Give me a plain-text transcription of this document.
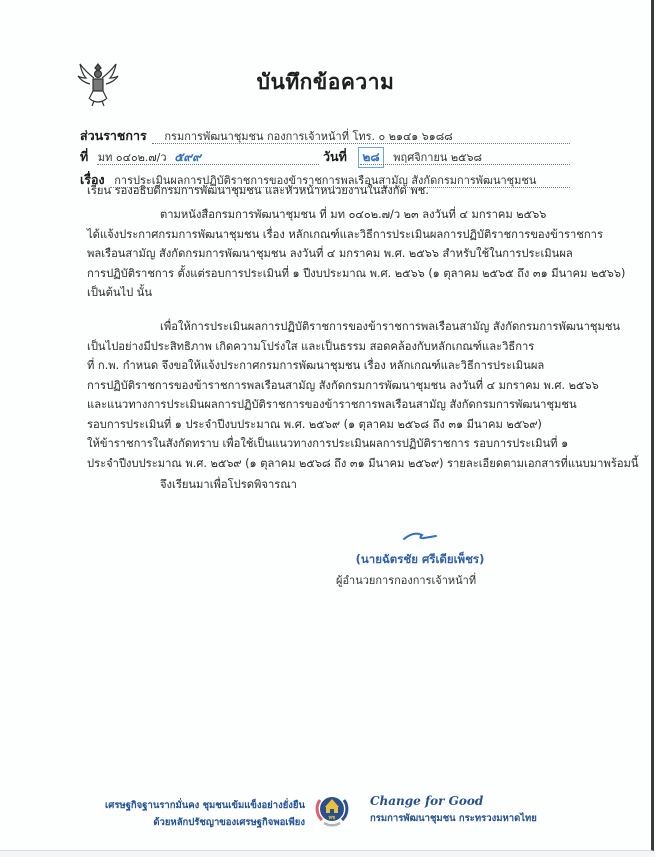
บันทึกข้อความ
ส่วนราชการ กรมการพัฒนาชุมชน กองการเจ้าหน้าที่ โทร. ๐ ๒๑๔๑ ๖๑๘๘
ที่ มท ๐๔๐๒.๗/ว ๕๙๙	วันที่ ๒๘ พฤศจิกายน ๒๕๖๘
เรื่อง การประเมินผลการปฏิบัติราชการของข้าราชการพลเรือนสามัญ สังกัดกรมการพัฒนาชุมชน

เรียน รองอธิบดีกรมการพัฒนาชุมชน และหัวหน้าหน่วยงานในสังกัด พช.

ตามหนังสือกรมการพัฒนาชุมชน ที่ มท ๐๔๐๒.๗/ว ๒๓ ลงวันที่ ๔ มกราคม ๒๕๖๖

ได้แจ้งประกาศกรมการพัฒนาชุมชน เรื่อง หลักเกณฑ์และวิธีการประเมินผลการปฏิบัติราชการของข้าราชการ

พลเรือนสามัญ สังกัดกรมการพัฒนาชุมชน ลงวันที่ ๔ มกราคม พ.ศ. ๒๕๖๖ สำหรับใช้ในการประเมินผล

การปฏิบัติราชการ ตั้งแต่รอบการประเมินที่ ๑ ปีงบประมาณ พ.ศ. ๒๕๖๖ (๑ ตุลาคม ๒๕๖๕ ถึง ๓๑ มีนาคม ๒๕๖๖)

เป็นต้นไป นั้น

เพื่อให้การประเมินผลการปฏิบัติราชการของข้าราชการพลเรือนสามัญ สังกัดกรมการพัฒนาชุมชน

เป็นไปอย่างมีประสิทธิภาพ เกิดความโปร่งใส และเป็นธรรม สอดคล้องกับหลักเกณฑ์และวิธีการ

ที่ ก.พ. กำหนด จึงขอให้แจ้งประกาศกรมการพัฒนาชุมชน เรื่อง หลักเกณฑ์และวิธีการประเมินผล

การปฏิบัติราชการของข้าราชการพลเรือนสามัญ สังกัดกรมการพัฒนาชุมชน ลงวันที่ ๔ มกราคม พ.ศ. ๒๕๖๖

และแนวทางการประเมินผลการปฏิบัติราชการของข้าราชการพลเรือนสามัญ สังกัดกรมการพัฒนาชุมชน

รอบการประเมินที่ ๑ ประจำปีงบประมาณ พ.ศ. ๒๕๖๙ (๑ ตุลาคม ๒๕๖๘ ถึง ๓๑ มีนาคม ๒๕๖๙)

ให้ข้าราชการในสังกัดทราบ เพื่อใช้เป็นแนวทางการประเมินผลการปฏิบัติราชการ รอบการประเมินที่ ๑

ประจำปีงบประมาณ พ.ศ. ๒๕๖๙ (๑ ตุลาคม ๒๕๖๘ ถึง ๓๑ มีนาคม ๒๕๖๙) รายละเอียดตามเอกสารที่แนบมาพร้อมนี้

จึงเรียนมาเพื่อโปรดพิจารณา

(นายฉัตรชัย ศรีเดียเพ็ชร)
ผู้อำนวยการกองการเจ้าหน้าที่
เศรษฐกิจฐานรากมั่นคง ชุมชนเข้มแข็งอย่างยั่งยืน
ด้วยหลักปรัชญาของเศรษฐกิจพอเพียง	พช
Change for Good
กรมการพัฒนาชุมชน กระทรวงมหาดไทย
